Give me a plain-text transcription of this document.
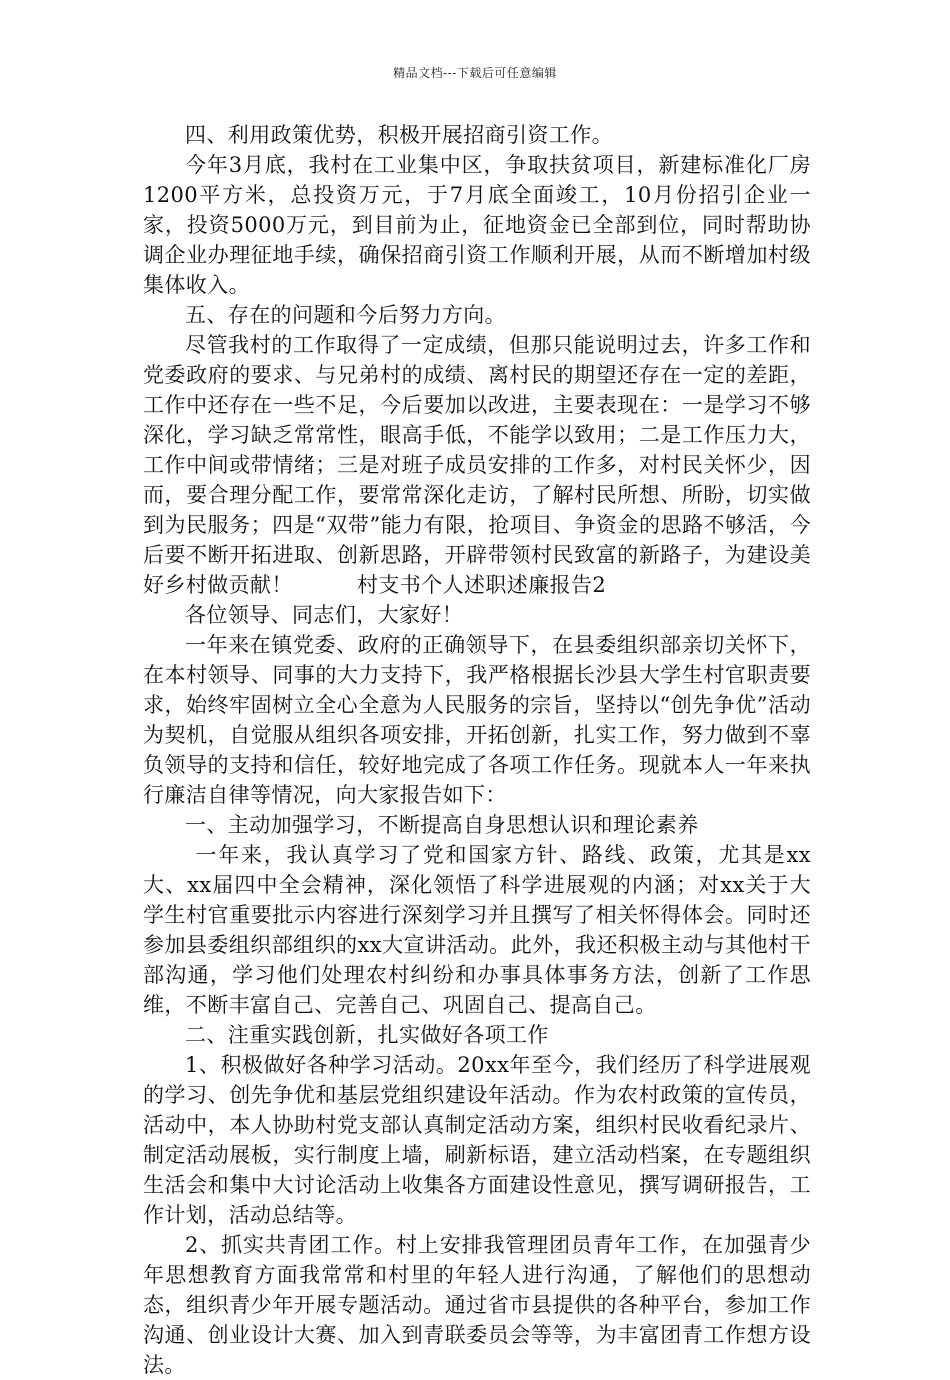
精品文档---下载后可任意编辑

四、利用政策优势，积极开展招商引资工作。

今年3月底，我村在工业集中区，争取扶贫项目，新建标准化厂房1200平方米，总投资万元，于7月底全面竣工，10月份招引企业一家，投资5000万元，到目前为止，征地资金已全部到位，同时帮助协调企业办理征地手续，确保招商引资工作顺利开展，从而不断增加村级集体收入。

五、存在的问题和今后努力方向。

尽管我村的工作取得了一定成绩，但那只能说明过去，许多工作和党委政府的要求、与兄弟村的成绩、离村民的期望还存在一定的差距，工作中还存在一些不足，今后要加以改进，主要表现在：一是学习不够深化，学习缺乏常常性，眼高手低，不能学以致用；二是工作压力大，工作中间或带情绪；三是对班子成员安排的工作多，对村民关怀少，因而，要合理分配工作，要常常深化走访，了解村民所想、所盼，切实做到为民服务；四是“双带”能力有限，抢项目、争资金的思路不够活，今后要不断开拓进取、创新思路，开辟带领村民致富的新路子，为建设美好乡村做贡献！　　　村支书个人述职述廉报告2

各位领导、同志们，大家好！

一年来在镇党委、政府的正确领导下，在县委组织部亲切关怀下，在本村领导、同事的大力支持下，我严格根据长沙县大学生村官职责要求，始终牢固树立全心全意为人民服务的宗旨，坚持以“创先争优”活动为契机，自觉服从组织各项安排，开拓创新，扎实工作，努力做到不辜负领导的支持和信任，较好地完成了各项工作任务。现就本人一年来执行廉洁自律等情况，向大家报告如下：

一、主动加强学习，不断提高自身思想认识和理论素养

一年来，我认真学习了党和国家方针、路线、政策，尤其是xx大、xx届四中全会精神，深化领悟了科学进展观的内涵；对xx关于大学生村官重要批示内容进行深刻学习并且撰写了相关怀得体会。同时还参加县委组织部组织的xx大宣讲活动。此外，我还积极主动与其他村干部沟通，学习他们处理农村纠纷和办事具体事务方法，创新了工作思维，不断丰富自己、完善自己、巩固自己、提高自己。

二、注重实践创新，扎实做好各项工作

1、积极做好各种学习活动。20xx年至今，我们经历了科学进展观的学习、创先争优和基层党组织建设年活动。作为农村政策的宣传员，活动中，本人协助村党支部认真制定活动方案，组织村民收看纪录片、制定活动展板，实行制度上墙，刷新标语，建立活动档案，在专题组织生活会和集中大讨论活动上收集各方面建设性意见，撰写调研报告，工作计划，活动总结等。

2、抓实共青团工作。村上安排我管理团员青年工作，在加强青少年思想教育方面我常常和村里的年轻人进行沟通，了解他们的思想动态，组织青少年开展专题活动。通过省市县提供的各种平台，参加工作沟通、创业设计大赛、加入到青联委员会等等，为丰富团青工作想方设法。
